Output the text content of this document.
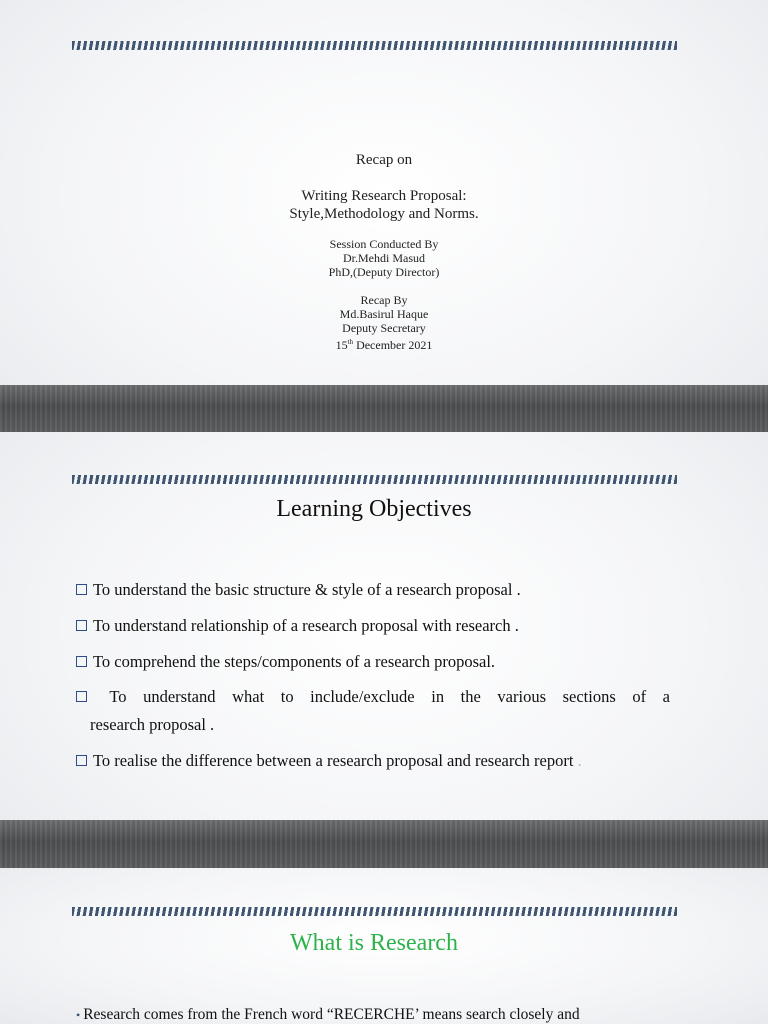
Recap on
Writing Research Proposal:
Style,Methodology and Norms.
Session Conducted By
Dr.Mehdi Masud
PhD,(Deputy Director)
Recap By
Md.Basirul Haque
Deputy Secretary
15th December 2021
Learning Objectives
To understand the basic structure & style of a research proposal .
To understand relationship of a research proposal with research .
To comprehend the steps/components of a research proposal.
To understand what to include/exclude in the various sections of a
research proposal .
To realise the difference between a research proposal and research report .
What is Research
• Research comes from the French word “RECERCHE’ means search closely and
